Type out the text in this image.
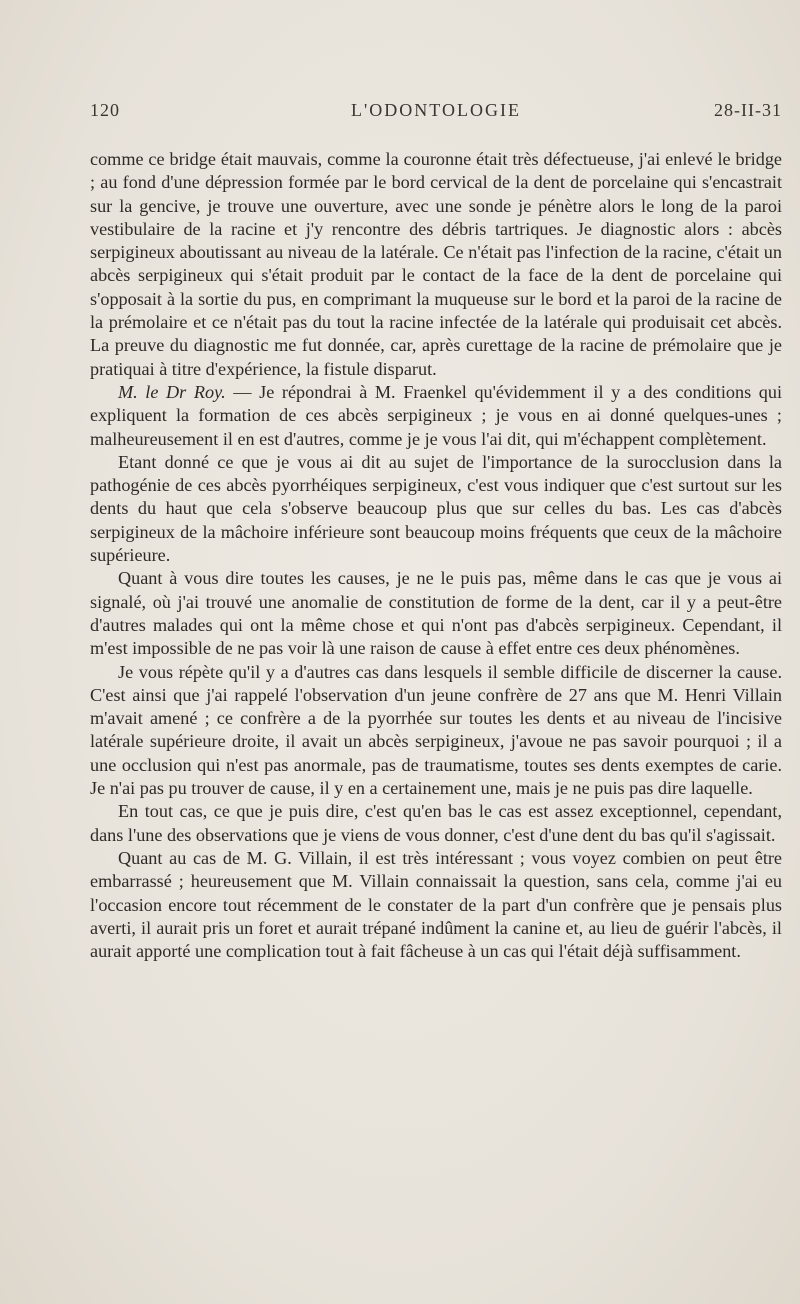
120	L'ODONTOLOGIE	28-II-31

comme ce bridge était mauvais, comme la couronne était très défectueuse, j'ai enlevé le bridge ; au fond d'une dépression formée par le bord cervical de la dent de porcelaine qui s'encastrait sur la gencive, je trouve une ouverture, avec une sonde je pénètre alors le long de la paroi vestibulaire de la racine et j'y rencontre des débris tartriques. Je diagnostic alors : abcès serpigineux aboutissant au niveau de la latérale. Ce n'était pas l'infection de la racine, c'était un abcès serpigineux qui s'était produit par le contact de la face de la dent de porcelaine qui s'opposait à la sortie du pus, en comprimant la muqueuse sur le bord et la paroi de la racine de la prémolaire et ce n'était pas du tout la racine infectée de la latérale qui produisait cet abcès. La preuve du diagnostic me fut donnée, car, après curettage de la racine de prémolaire que je pratiquai à titre d'expérience, la fistule disparut.

M. le Dr Roy. — Je répondrai à M. Fraenkel qu'évidemment il y a des conditions qui expliquent la formation de ces abcès serpigineux ; je vous en ai donné quelques-unes ; malheureusement il en est d'autres, comme je je vous l'ai dit, qui m'échappent complètement.

Etant donné ce que je vous ai dit au sujet de l'importance de la surocclusion dans la pathogénie de ces abcès pyorrhéiques serpigineux, c'est vous indiquer que c'est surtout sur les dents du haut que cela s'observe beaucoup plus que sur celles du bas. Les cas d'abcès serpigineux de la mâchoire inférieure sont beaucoup moins fréquents que ceux de la mâchoire supérieure.

Quant à vous dire toutes les causes, je ne le puis pas, même dans le cas que je vous ai signalé, où j'ai trouvé une anomalie de constitution de forme de la dent, car il y a peut-être d'autres malades qui ont la même chose et qui n'ont pas d'abcès serpigineux. Cependant, il m'est impossible de ne pas voir là une raison de cause à effet entre ces deux phénomènes.

Je vous répète qu'il y a d'autres cas dans lesquels il semble difficile de discerner la cause. C'est ainsi que j'ai rappelé l'observation d'un jeune confrère de 27 ans que M. Henri Villain m'avait amené ; ce confrère a de la pyorrhée sur toutes les dents et au niveau de l'incisive latérale supérieure droite, il avait un abcès serpigineux, j'avoue ne pas savoir pourquoi ; il a une occlusion qui n'est pas anormale, pas de traumatisme, toutes ses dents exemptes de carie. Je n'ai pas pu trouver de cause, il y en a certainement une, mais je ne puis pas dire laquelle.

En tout cas, ce que je puis dire, c'est qu'en bas le cas est assez exceptionnel, cependant, dans l'une des observations que je viens de vous donner, c'est d'une dent du bas qu'il s'agissait.

Quant au cas de M. G. Villain, il est très intéressant ; vous voyez combien on peut être embarrassé ; heureusement que M. Villain connaissait la question, sans cela, comme j'ai eu l'occasion encore tout récemment de le constater de la part d'un confrère que je pensais plus averti, il aurait pris un foret et aurait trépané indûment la canine et, au lieu de guérir l'abcès, il aurait apporté une complication tout à fait fâcheuse à un cas qui l'était déjà suffisamment.
